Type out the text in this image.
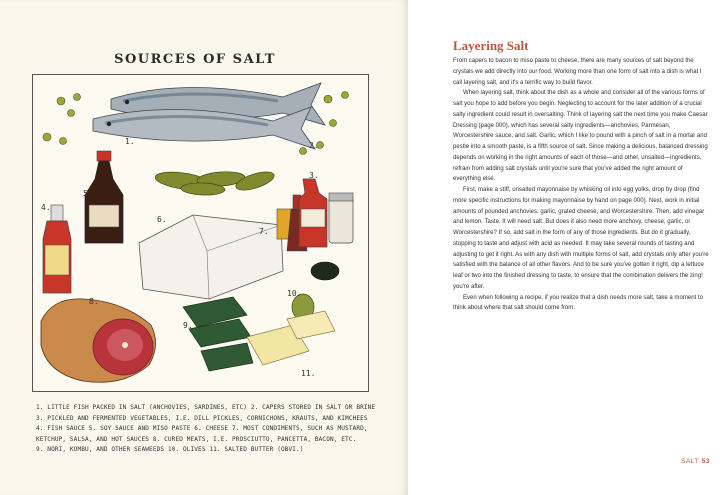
SOURCES OF SALT
1.	2.
3.
4.
5.
6.
7.
8.
9.
10.
11.
1. LITTLE FISH PACKED IN SALT (ANCHOVIES, SARDINES, ETC) 2. CAPERS STORED IN SALT OR BRINE
3. PICKLED AND FERMENTED VEGETABLES, I.E. DILL PICKLES, CORNICHONS, KRAUTS, AND KIMCHEES
4. FISH SAUCE 5. SOY SAUCE AND MISO PASTE 6. CHEESE 7. MOST CONDIMENTS, SUCH AS MUSTARD,
KETCHUP, SALSA, AND HOT SAUCES 8. CURED MEATS, I.E. PROSCIUTTO, PANCETTA, BACON, ETC.
9. NORI, KOMBU, AND OTHER SEAWEEDS 10. OLIVES 11. SALTED BUTTER (OBVI.)
Layering Salt

From capers to bacon to miso paste to cheese, there are many sources of salt beyond the crystals we add directly into our food. Working more than one form of salt into a dish is what I call layering salt, and it's a terrific way to build flavor.

When layering salt, think about the dish as a whole and consider all of the various forms of salt you hope to add before you begin. Neglecting to account for the later addition of a crucial salty ingredient could result in oversalting. Think of layering salt the next time you make Caesar Dressing (page 000), which has several salty ingredients—anchovies, Parmesan, Worcestershire sauce, and salt. Garlic, which I like to pound with a pinch of salt in a mortar and pestle into a smooth paste, is a fifth source of salt. Since making a delicious, balanced dressing depends on working in the right amounts of each of those—and other, unsalted—ingredients, refrain from adding salt crystals until you're sure that you've added the right amount of everything else.

First, make a stiff, unsalted mayonnaise by whisking oil into egg yolks, drop by drop (find more specific instructions for making mayonnaise by hand on page 000). Next, work in initial amounts of pounded anchovies, garlic, grated cheese, and Worcestershire. Then, add vinegar and lemon. Taste. It will need salt. But does it also need more anchovy, cheese, garlic, or Worcestershire? If so, add salt in the form of any of those ingredients. But do it gradually, stopping to taste and adjust with acid as needed. It may take several rounds of tasting and adjusting to get it right. As with any dish with multiple forms of salt, add crystals only after you're satisfied with the balance of all other flavors. And to be sure you've gotten it right, dip a lettuce leaf or two into the finished dressing to taste, to ensure that the combination delivers the zing! you're after.

Even when following a recipe, if you realize that a dish needs more salt, take a moment to think about where that salt should come from.

SALT 53
